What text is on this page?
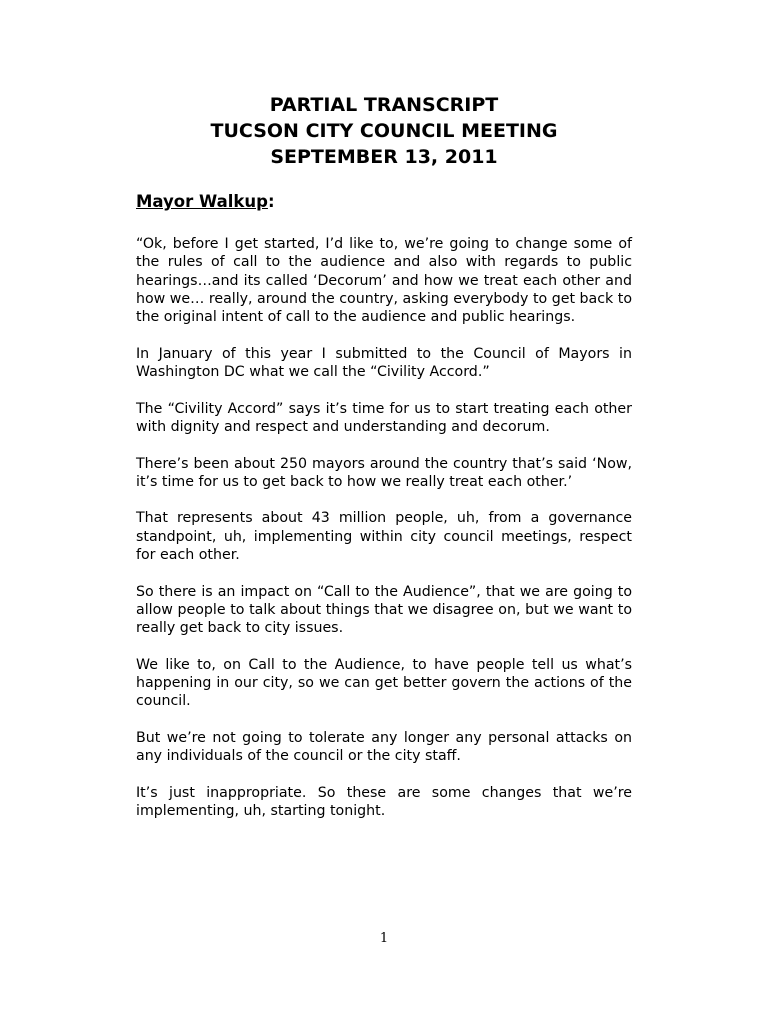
PARTIAL TRANSCRIPT
TUCSON CITY COUNCIL MEETING
SEPTEMBER 13, 2011
Mayor Walkup:

“Ok, before I get started, I’d like to, we’re going to change some of the rules of call to the audience and also with regards to public hearings…and its called ‘Decorum’ and how we treat each other and how we… really, around the country, asking everybody to get back to the original intent of call to the audience and public hearings.

In January of this year I submitted to the Council of Mayors in Washington DC what we call the “Civility Accord.”

The “Civility Accord” says it’s time for us to start treating each other with dignity and respect and understanding and decorum.

There’s been about 250 mayors around the country that’s said ‘Now, it’s time for us to get back to how we really treat each other.’

That represents about 43 million people, uh, from a governance standpoint, uh, implementing within city council meetings, respect for each other.

So there is an impact on “Call to the Audience”, that we are going to allow people to talk about things that we disagree on, but we want to really get back to city issues.

We like to, on Call to the Audience, to have people tell us what’s happening in our city, so we can get better govern the actions of the council.

But we’re not going to tolerate any longer any personal attacks on any individuals of the council or the city staff.

It’s just inappropriate. So these are some changes that we’re implementing, uh, starting tonight.

1
